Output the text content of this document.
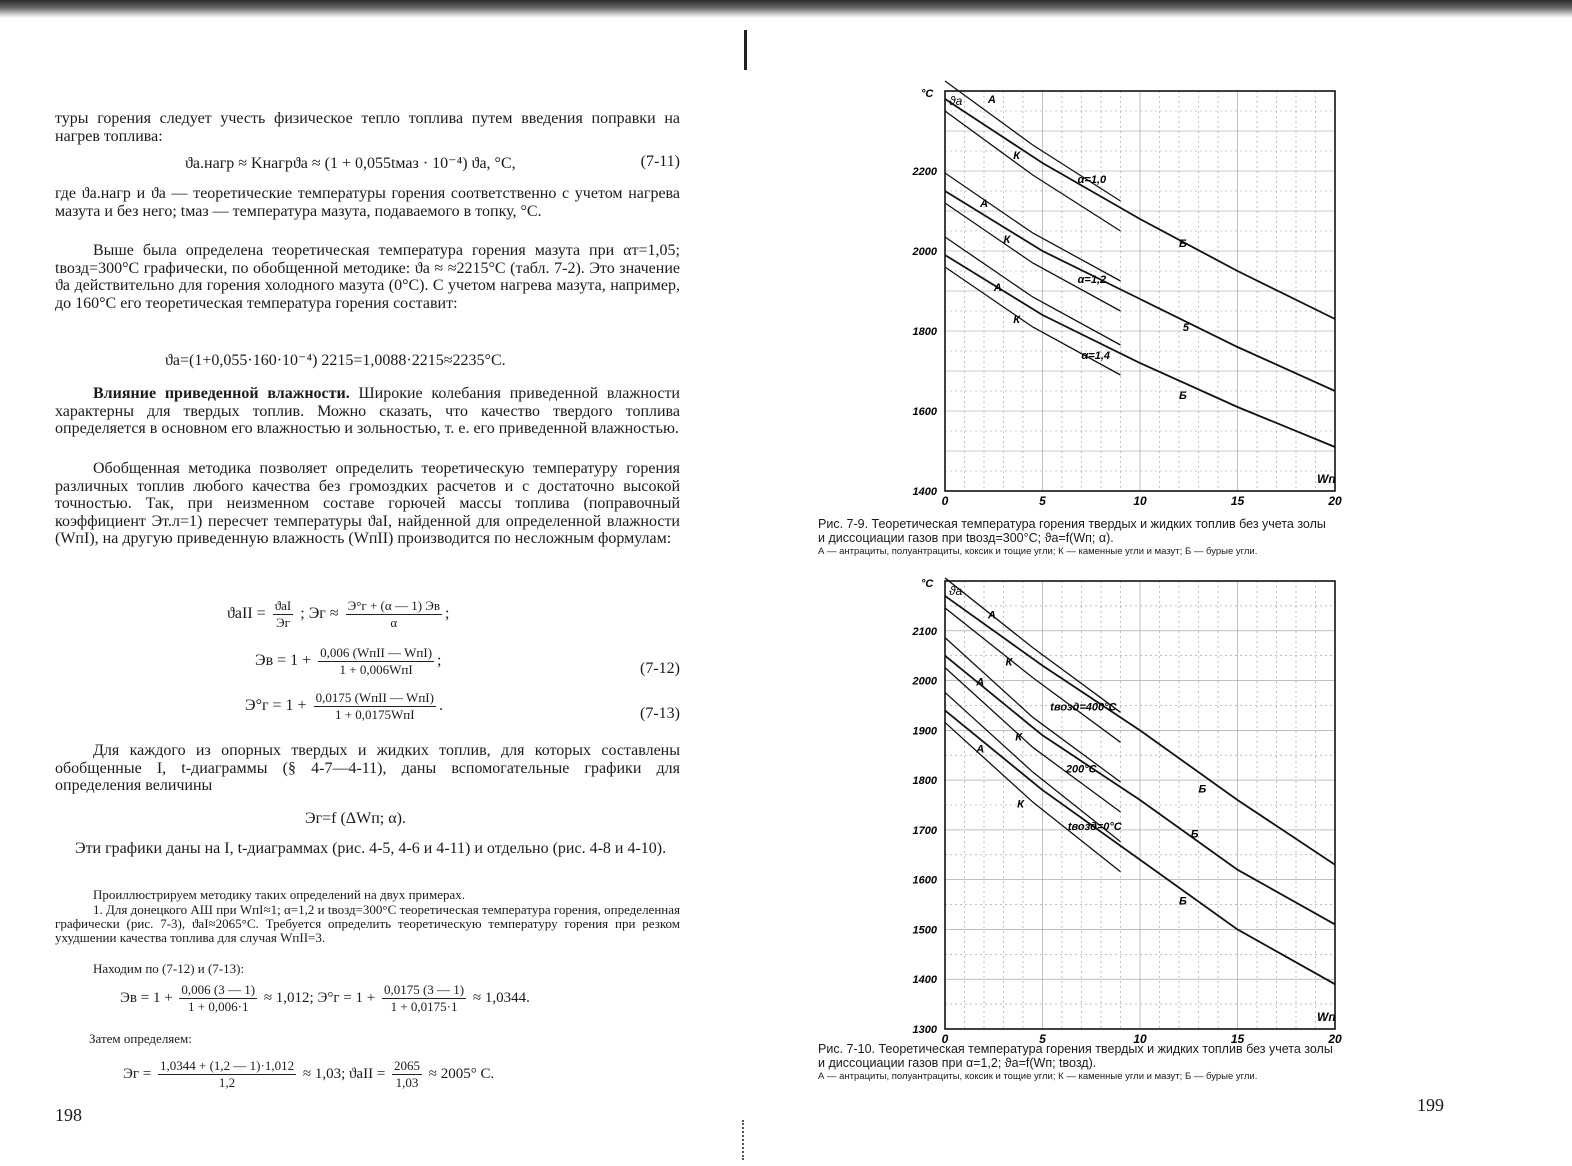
туры горения следует учесть физическое тепло топлива путем введения поправки на нагрев топлива:
ϑа.нагр ≈ Kнагрϑа ≈ (1 + 0,055tмаз · 10⁻⁴) ϑа, °C,	(7-11)
где ϑа.нагр и ϑа — теоретические температуры горения соответственно с учетом нагрева мазута и без него; tмаз — температура мазута, подаваемого в топку, °C.
Выше была определена теоретическая температура горения мазута при αт=1,05; tвозд=300°C графически, по обобщенной методике: ϑа ≈ ≈2215°C (табл. 7-2). Это значение ϑа действительно для горения холодного мазута (0°C). С учетом нагрева мазута, например, до 160°C его теоретическая температура горения составит:
ϑа=(1+0,055·160·10⁻⁴) 2215=1,0088·2215≈2235°C.
Влияние приведенной влажности. Широкие колебания приведенной влажности характерны для твердых топлив. Можно сказать, что качество твердого топлива определяется в основном его влажностью и зольностью, т. е. его приведенной влажностью.
Обобщенная методика позволяет определить теоретическую температуру горения различных топлив любого качества без громоздких расчетов и с достаточно высокой точностью. Так, при неизменном составе горючей массы топлива (поправочный коэффициент Эт.л=1) пересчет температуры ϑаI, найденной для определенной влажности (WпI), на другую приведенную влажность (WпII) производится по несложным формулам:
$ϑаII = \frac{\text{ϑаI}}{Эг}$ ; Эг ≈ $\frac{Э^\circ г + (\alpha — 1) Эв}{\alpha}$ ;
Эв = $1 + \frac{\text{0,006 (WпII — WпI)}}{\text{1 + 0,006WпI}}$ ;	(7-12)
$Э^\circ г = 1 + \frac{\text{0,0175 (WпII — WпI)}}{\text{1 + 0,0175WпI}}$ .	(7-13)
Для каждого из опорных твердых и жидких топлив, для которых составлены обобщенные I, t-диаграммы (§ 4-7—4-11), даны вспомогательные графики для определения величины
Эг=f (ΔWп; α).
Эти графики даны на I, t-диаграммах (рис. 4-5, 4-6 и 4-11) и отдельно (рис. 4-8 и 4-10).
Проиллюстрируем методику таких определений на двух примерах.
1. Для донецкого АШ при WпI≈1; α=1,2 и tвозд=300°C теоретическая температура горения, определенная графически (рис. 7-3), ϑаI≈2065°C. Требуется определить теоретическую температуру горения при резком ухудшении качества топлива для случая WпII=3.
Находим по (7-12) и (7-13):
Эв = $1 + \frac{0,006 (3 — 1)}{1 + 0,006\cdot 1} \approx 1,012$; $Э^\circ г = 1 + \frac{0,0175 (3 — 1)}{1 + 0,0175\cdot 1} \approx 1,0344$.
Затем определяем:
Эг = $\frac{1,0344 + (1,2 — 1)\cdot 1,012}{1,2} \approx 1,03$; $ϑаII = \frac{2065}{1,03} \approx 2005^\circ$ C.
198
2200
2000
1800
1600
1400
0	5	10	15	20
°C ϑа
Wп
А
К
α=1,0
А
К	Б
α=1,2
А
К
5
α=1,4
Б
Рис. 7-9. Теоретическая температура горения твердых и жидких топлив без учета золы
и диссоциации газов при tвозд=300°C; ϑа=f(Wп; α).
А — антрациты, полуантрациты, коксик и тощие угли; К — каменные угли и мазут; Б — бурые угли.
2100
2000
1900
1800
1700
1600
1500
1400
1300
0	5	10	15	20
°C ϑа
Wп
А
К
А
tвозд=400°C
К
А
200°C
К
Б
tвозд=0°C
Б
Б
Рис. 7-10. Теоретическая температура горения твердых и жидких топлив без учета золы
и диссоциации газов при α=1,2; ϑа=f(Wп; tвозд).
А — антрациты, полуантрациты, коксик и тощие угли; К — каменные угли и мазут; Б — бурые угли.
199
